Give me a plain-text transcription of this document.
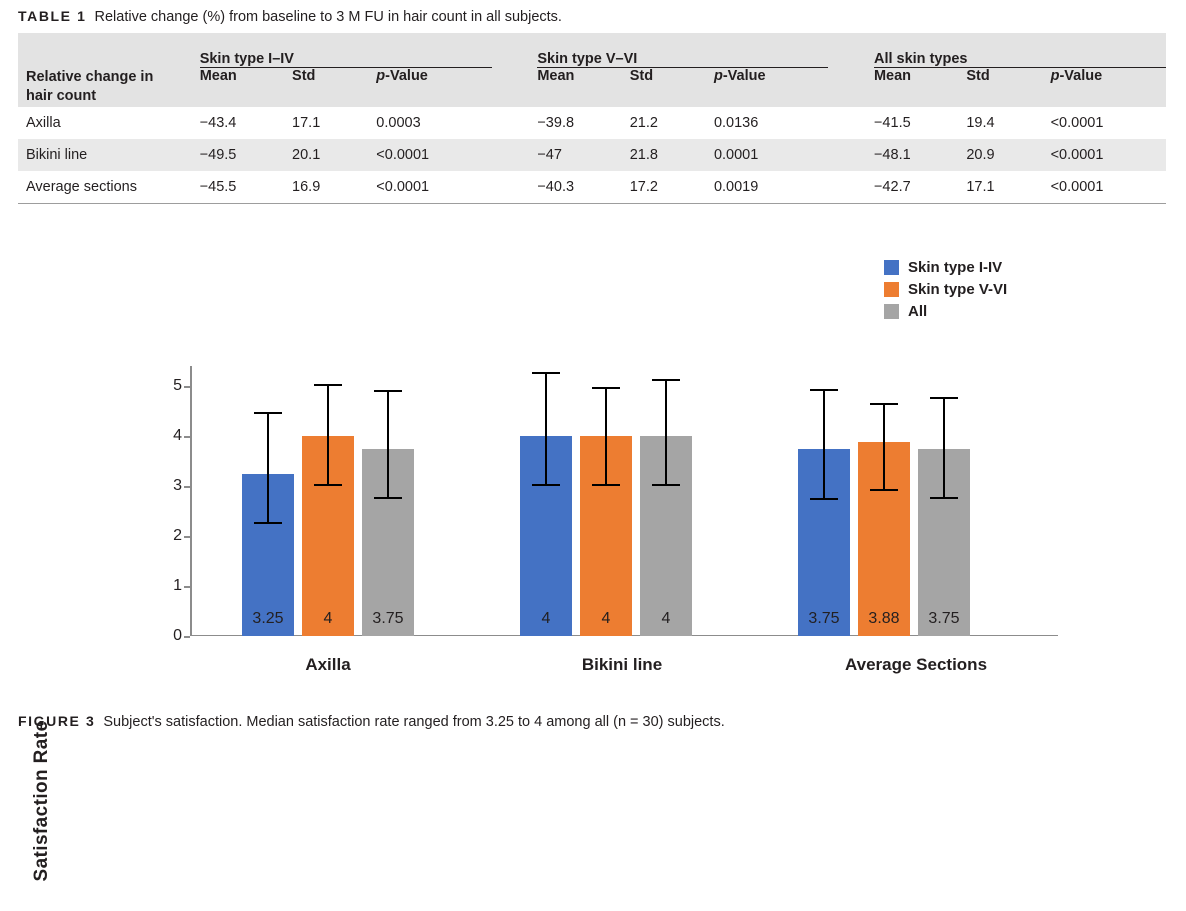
TABLE 1 Relative change (%) from baseline to 3 M FU in hair count in all subjects.
	Skin type I–IV				Skin type V–VI				All skin types		

Relative change in
hair count	Mean	Std	p-Value		Mean	Std	p-Value		Mean	Std	p-Value
Axilla	−43.4	17.1	0.0003		−39.8	21.2	0.0136		−41.5	19.4	<0.0001
Bikini line	−49.5	20.1	<0.0001		−47	21.8	0.0001		−48.1	20.9	<0.0001
Average sections	−45.5	16.9	<0.0001		−40.3	17.2	0.0019		−42.7	17.1	<0.0001
Skin type I-IV
Skin type V-VI
All
Satisfaction Rate
0
1
2
3
4
5
3.25	4	3.75	4	4	4	3.75	3.88	3.75
Axilla	Bikini line	Average Sections
FIGURE 3 Subject's satisfaction. Median satisfaction rate ranged from 3.25 to 4 among all (n = 30) subjects.
